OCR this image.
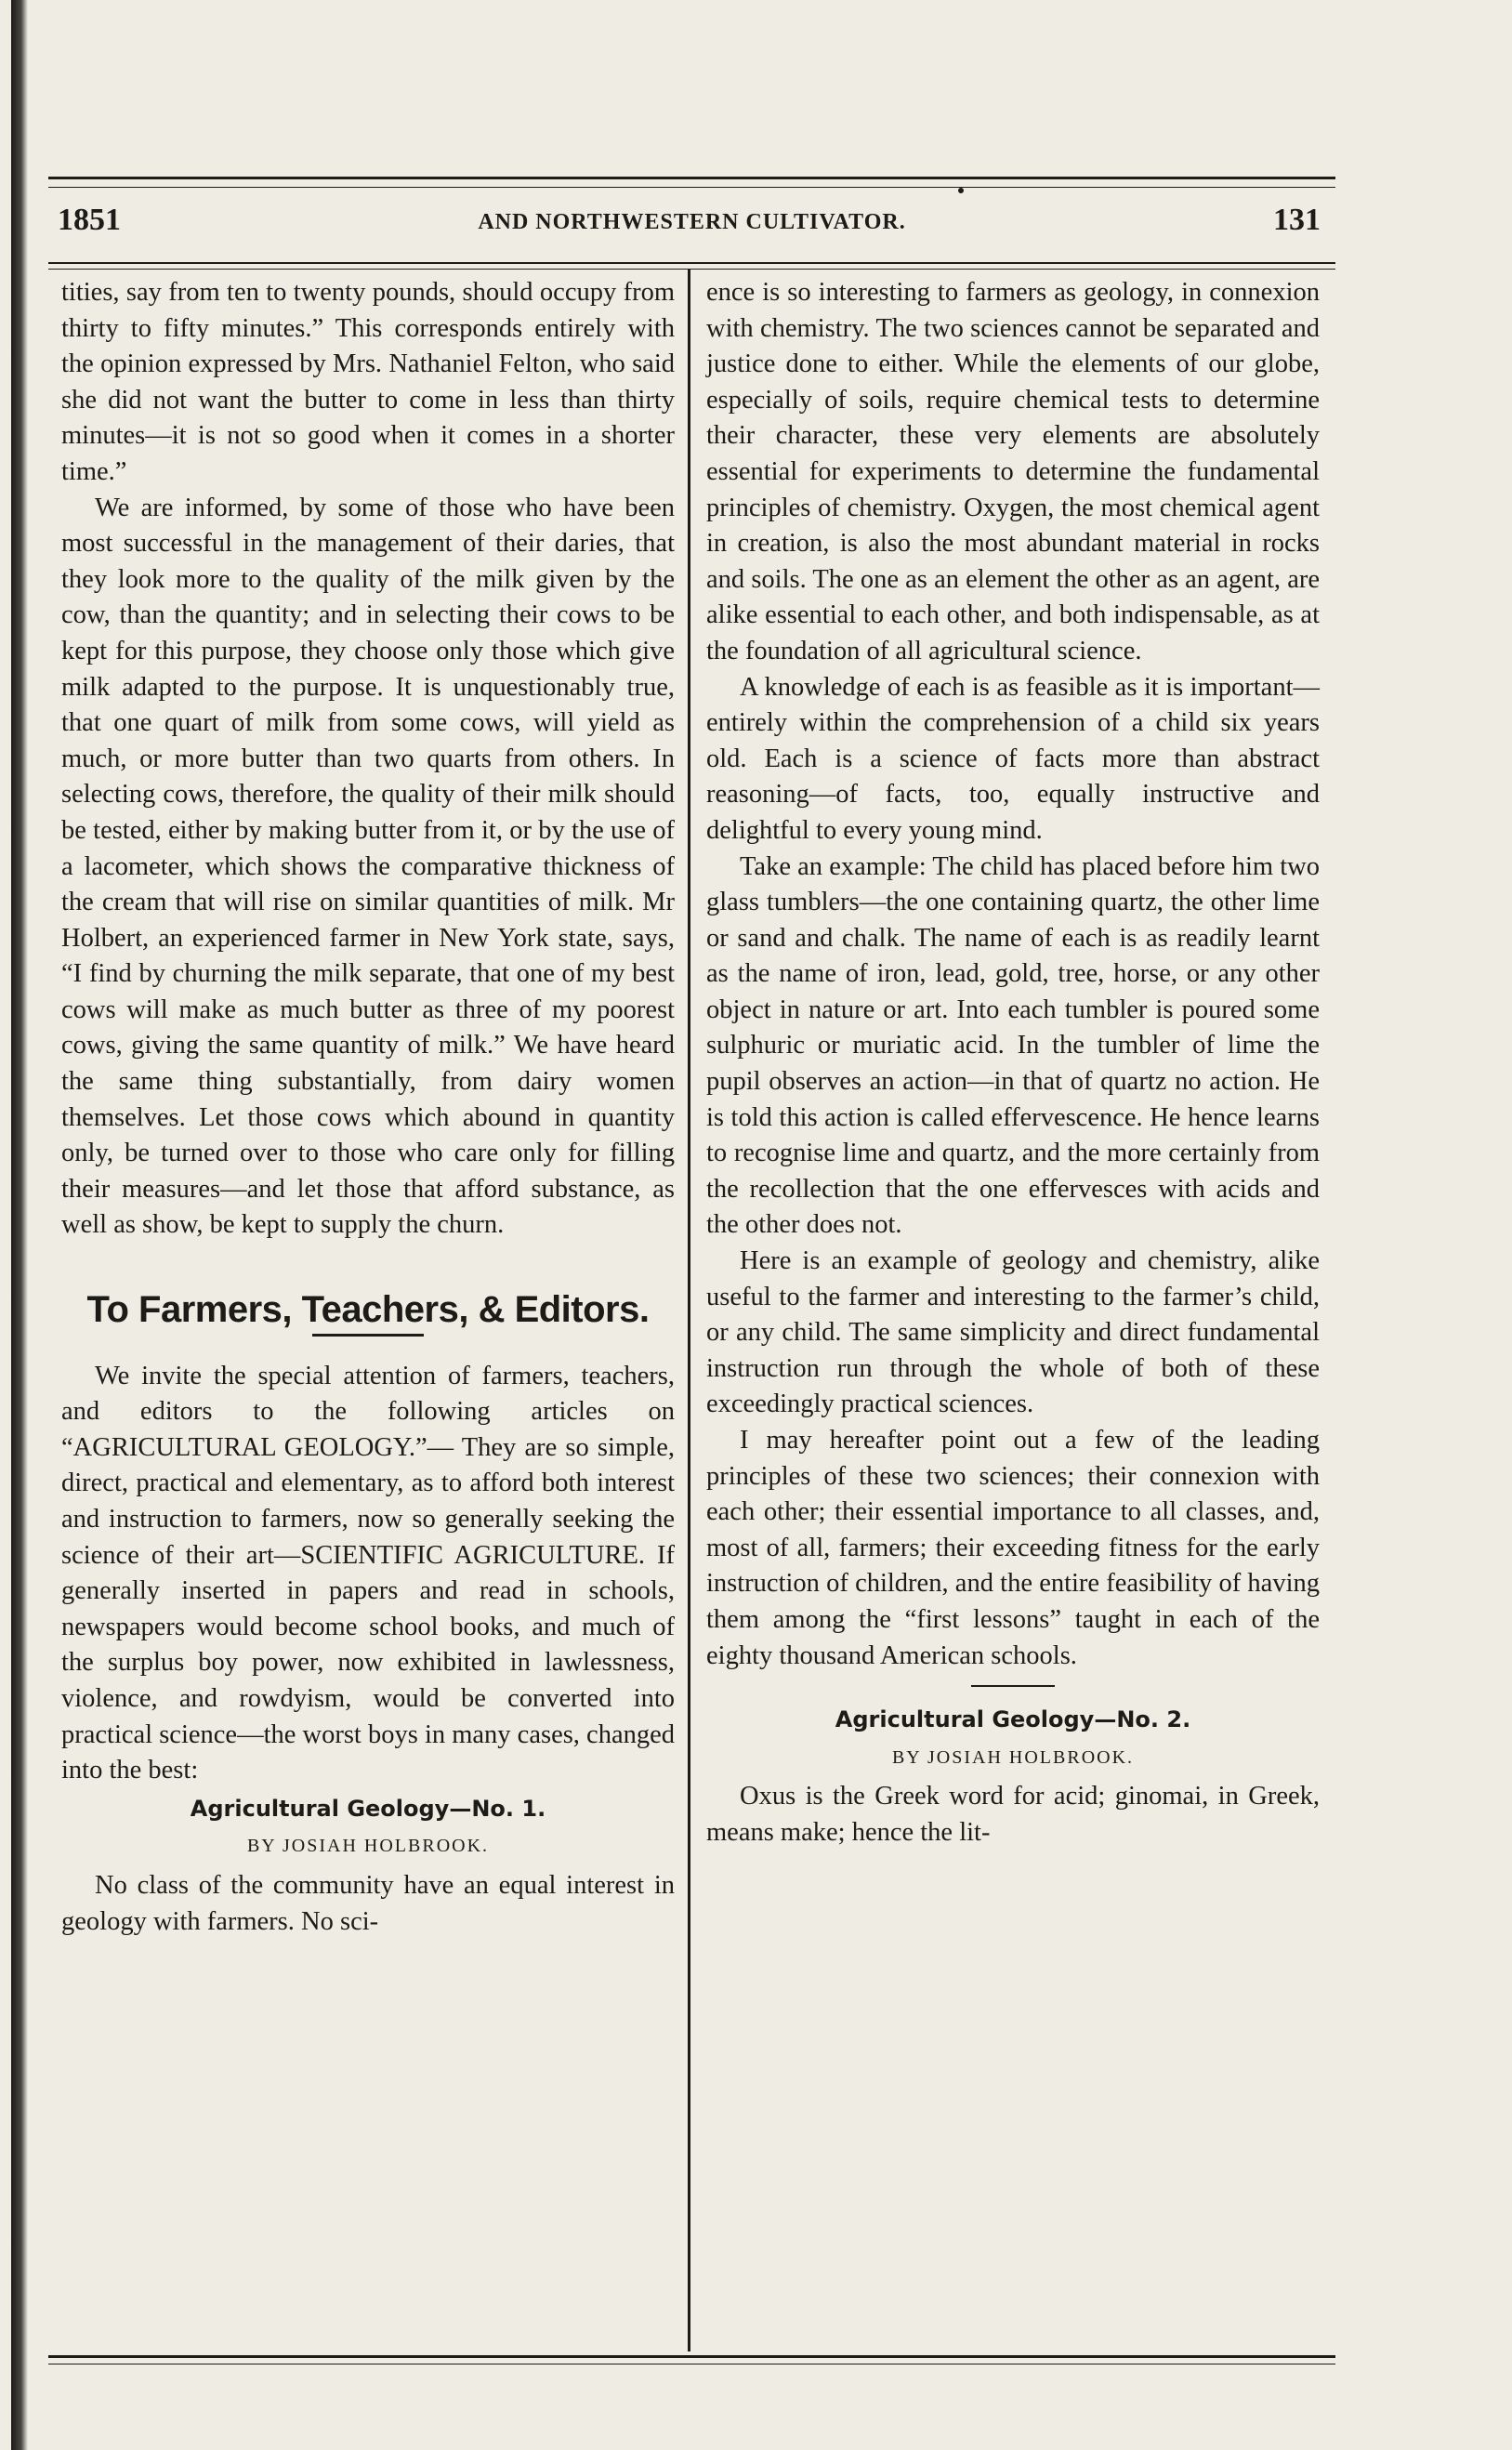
1851	AND NORTHWESTERN CULTIVATOR.	131

tities, say from ten to twenty pounds, should occupy from thirty to fifty minutes.” This corresponds entirely with the opinion expressed by Mrs. Nathaniel Felton, who said she did not want the butter to come in less than thirty minutes—it is not so good when it comes in a shorter time.”

We are informed, by some of those who have been most successful in the management of their daries, that they look more to the quality of the milk given by the cow, than the quantity; and in selecting their cows to be kept for this purpose, they choose only those which give milk adapted to the purpose. It is unquestionably true, that one quart of milk from some cows, will yield as much, or more butter than two quarts from others. In selecting cows, therefore, the quality of their milk should be tested, either by making butter from it, or by the use of a lacometer, which shows the comparative thickness of the cream that will rise on similar quantities of milk. Mr Holbert, an experienced farmer in New York state, says, “I find by churning the milk separate, that one of my best cows will make as much butter as three of my poorest cows, giving the same quantity of milk.” We have heard the same thing substantially, from dairy women themselves. Let those cows which abound in quantity only, be turned over to those who care only for filling their measures—and let those that afford substance, as well as show, be kept to supply the churn.

To Farmers, Teachers, & Editors.

We invite the special attention of farmers, teachers, and editors to the following articles on “AGRICULTURAL GEOLOGY.”— They are so simple, direct, practical and elementary, as to afford both interest and instruction to farmers, now so generally seeking the science of their art—SCIENTIFIC AGRICULTURE. If generally inserted in papers and read in schools, newspapers would become school books, and much of the surplus boy power, now exhibited in lawlessness, violence, and rowdyism, would be converted into practical science—the worst boys in many cases, changed into the best:

Agricultural Geology—No. 1.
BY JOSIAH HOLBROOK.

No class of the community have an equal interest in geology with farmers. No sci-

ence is so interesting to farmers as geology, in connexion with chemistry. The two sciences cannot be separated and justice done to either. While the elements of our globe, especially of soils, require chemical tests to determine their character, these very elements are absolutely essential for experiments to determine the fundamental principles of chemistry. Oxygen, the most chemical agent in creation, is also the most abundant material in rocks and soils. The one as an element the other as an agent, are alike essential to each other, and both indispensable, as at the foundation of all agricultural science.

A knowledge of each is as feasible as it is important—entirely within the comprehension of a child six years old. Each is a science of facts more than abstract reasoning—of facts, too, equally instructive and delightful to every young mind.

Take an example: The child has placed before him two glass tumblers—the one containing quartz, the other lime or sand and chalk. The name of each is as readily learnt as the name of iron, lead, gold, tree, horse, or any other object in nature or art. Into each tumbler is poured some sulphuric or muriatic acid. In the tumbler of lime the pupil observes an action—in that of quartz no action. He is told this action is called effervescence. He hence learns to recognise lime and quartz, and the more certainly from the recollection that the one effervesces with acids and the other does not.

Here is an example of geology and chemistry, alike useful to the farmer and interesting to the farmer’s child, or any child. The same simplicity and direct fundamental instruction run through the whole of both of these exceedingly practical sciences.

I may hereafter point out a few of the leading principles of these two sciences; their connexion with each other; their essential importance to all classes, and, most of all, farmers; their exceeding fitness for the early instruction of children, and the entire feasibility of having them among the “first lessons” taught in each of the eighty thousand American schools.

Agricultural Geology—No. 2.
BY JOSIAH HOLBROOK.

Oxus is the Greek word for acid; ginomai, in Greek, means make; hence the lit-
